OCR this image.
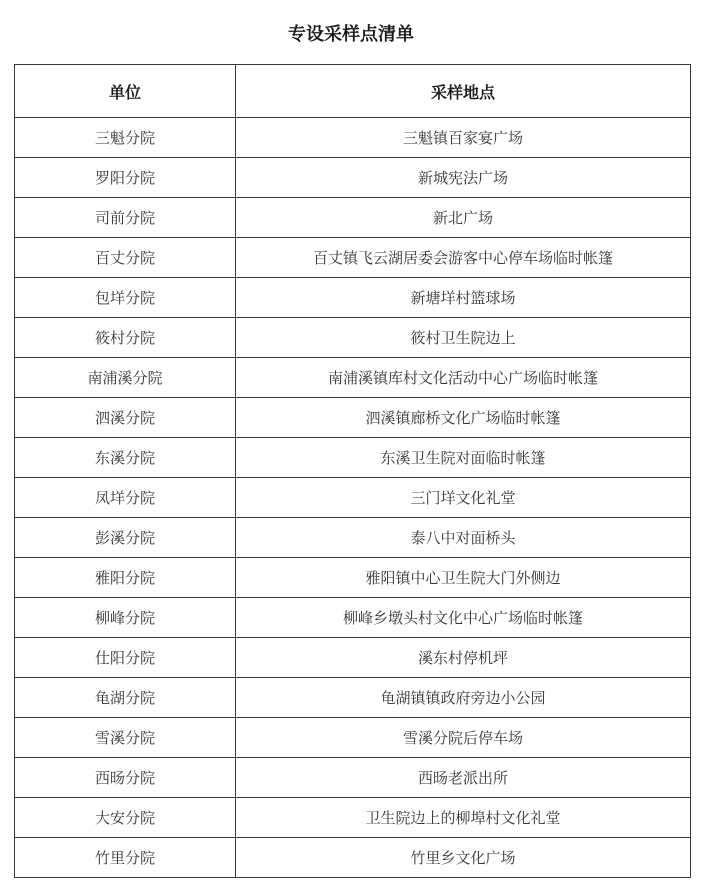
专设采样点清单
单位	采样地点
三魁分院	三魁镇百家宴广场
罗阳分院	新城宪法广场
司前分院	新北广场
百丈分院	百丈镇飞云湖居委会游客中心停车场临时帐篷
包垟分院	新塘垟村篮球场
筱村分院	筱村卫生院边上
南浦溪分院	南浦溪镇库村文化活动中心广场临时帐篷
泗溪分院	泗溪镇廊桥文化广场临时帐篷
东溪分院	东溪卫生院对面临时帐篷
凤垟分院	三门垟文化礼堂
彭溪分院	泰八中对面桥头
雅阳分院	雅阳镇中心卫生院大门外侧边
柳峰分院	柳峰乡墩头村文化中心广场临时帐篷
仕阳分院	溪东村停机坪
龟湖分院	龟湖镇镇政府旁边小公园
雪溪分院	雪溪分院后停车场
西旸分院	西旸老派出所
大安分院	卫生院边上的柳埠村文化礼堂
竹里分院	竹里乡文化广场
